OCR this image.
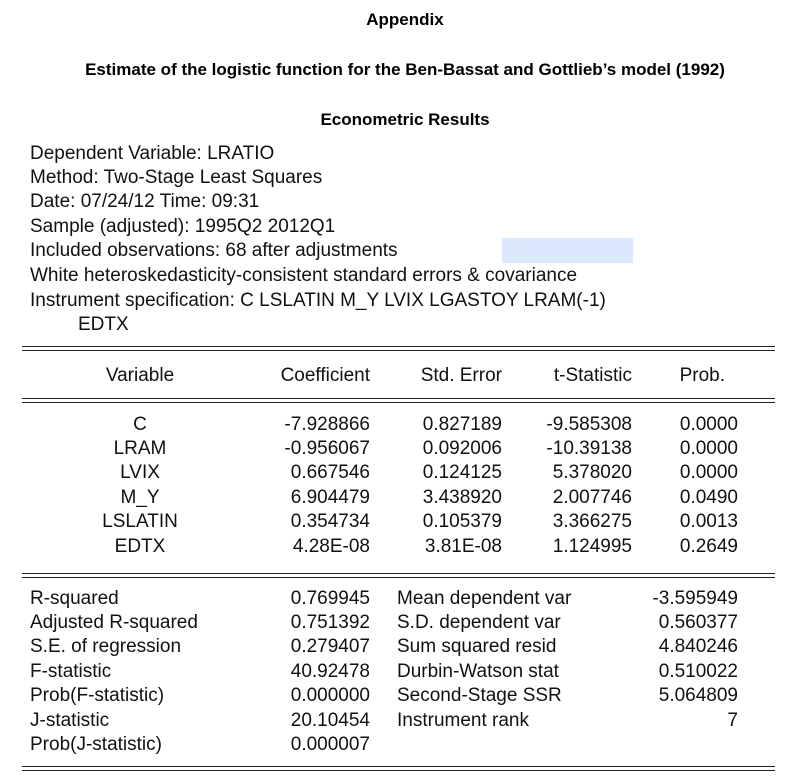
Appendix
Estimate of the logistic function for the Ben-Bassat and Gottlieb’s model (1992)
Econometric Results
Dependent Variable: LRATIO
Method: Two-Stage Least Squares
Date: 07/24/12 Time: 09:31
Sample (adjusted): 1995Q2 2012Q1
Included observations: 68 after adjustments
White heteroskedasticity-consistent standard errors & covariance
Instrument specification: C LSLATIN M_Y LVIX LGASTOY LRAM(-1)
EDTX
Variable	Coefficient	Std. Error	t-Statistic	Prob.
C	-7.928866	0.827189	-9.585308	0.0000
LRAM	-0.956067	0.092006	-10.39138	0.0000
LVIX	0.667546	0.124125	5.378020	0.0000
M_Y	6.904479	3.438920	2.007746	0.0490
LSLATIN	0.354734	0.105379	3.366275	0.0013
EDTX	4.28E-08	3.81E-08	1.124995	0.2649
R-squared	0.769945 Mean dependent var	-3.595949
Adjusted R-squared	0.751392 S.D. dependent var	0.560377
S.E. of regression	0.279407 Sum squared resid	4.840246
F-statistic	40.92478 Durbin-Watson stat	0.510022
Prob(F-statistic)	0.000000 Second-Stage SSR	5.064809
J-statistic	20.10454 Instrument rank	7
Prob(J-statistic)	0.000007
